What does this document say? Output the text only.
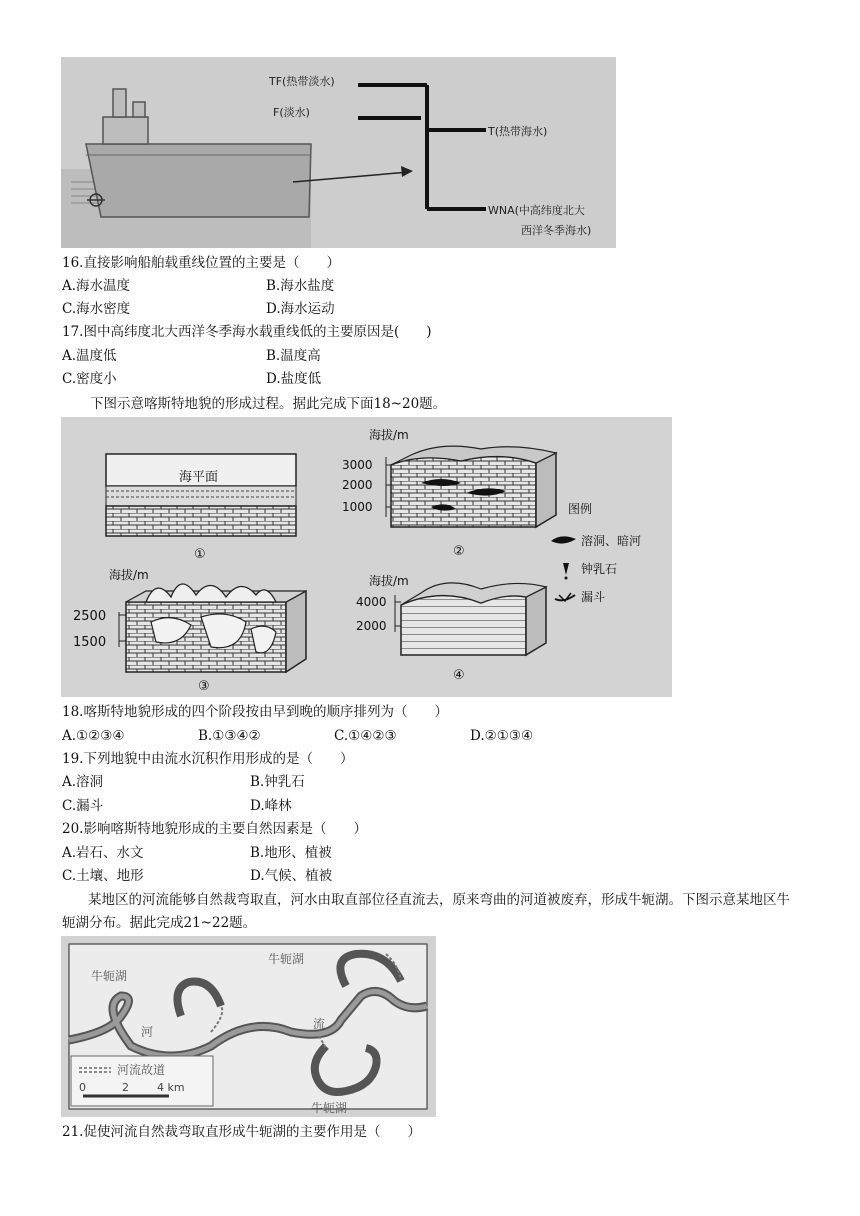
TF(热带淡水)
F(淡水)
T(热带海水)
WNA(中高纬度北大
西洋冬季海水)
16.直接影响船舶载重线位置的主要是（　　）
A.海水温度	B.海水盐度
C.海水密度	D.海水运动
17.图中高纬度北大西洋冬季海水载重线低的主要原因是(　　)
A.温度低	B.温度高
C.密度小	D.盐度低
下图示意喀斯特地貌的形成过程。据此完成下面18~20题。
海平面
①
海拔/m
3000
2000
1000
②
图例
溶洞、暗河
钟乳石
漏斗
海拔/m
2500
1500
③
海拔/m
4000
2000
④
18.喀斯特地貌形成的四个阶段按由早到晚的顺序排列为（　　）
A.①②③④	B.①③④②	C.①④②③	D.②①③④
19.下列地貌中由流水沉积作用形成的是（　　）
A.溶洞	B.钟乳石
C.漏斗	D.峰林
20.影响喀斯特地貌形成的主要自然因素是（　　）
A.岩石、水文	B.地形、植被
C.土壤、地形	D.气候、植被
某地区的河流能够自然裁弯取直，河水由取直部位径直流去，原来弯曲的河道被废弃，形成牛轭湖。下图示意某地区牛轭湖分布。据此完成21~22题。
牛轭湖
牛轭湖
牛轭湖
河
流
河流故道
0	2	4 km
21.促使河流自然裁弯取直形成牛轭湖的主要作用是（　　）
